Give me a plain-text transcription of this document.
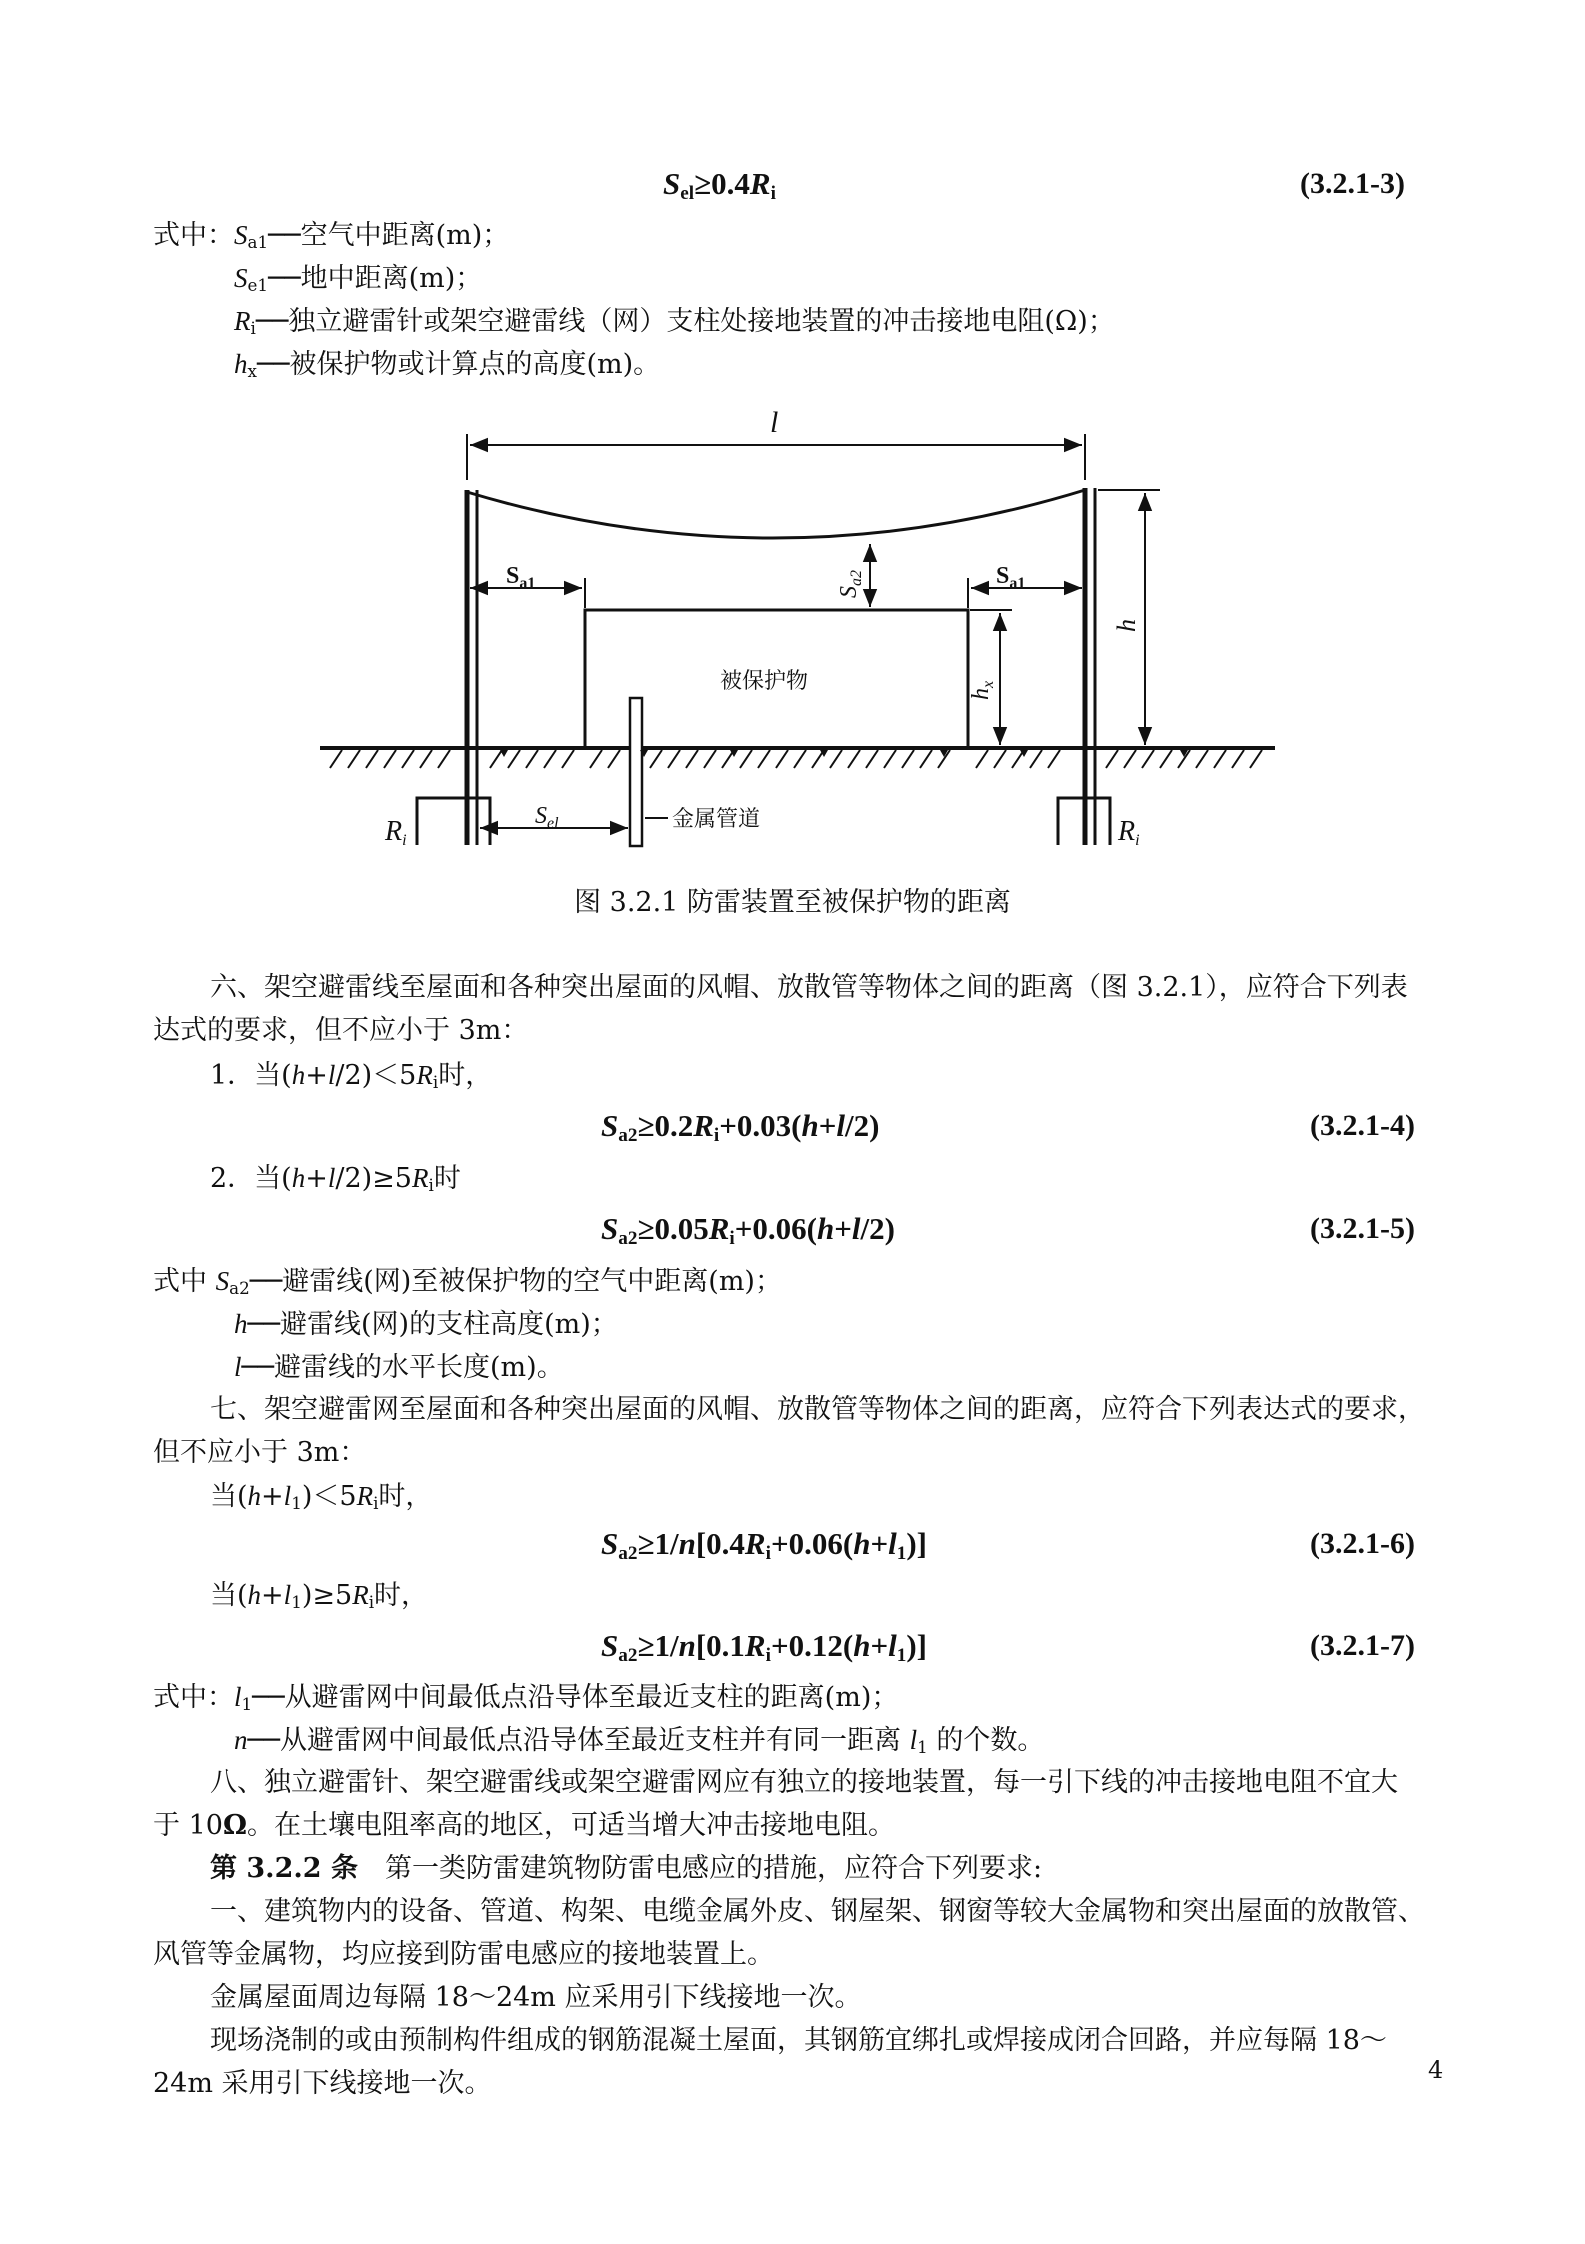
$S_{el}\ge 0.4R_i$	(3.2.1-3)
式中：$S_{a1}──$空气中距离(m)；
$S_{e1}──$地中距离(m)；
$R_i──$独立避雷针或架空避雷线（网）支柱处接地装置的冲击接地电阻(Ω)；
$h_x──$被保护物或计算点的高度(m)。
l
$S_{a1}$	$S_{a1}$
$S_{a2}$
$h_x$
h
被保护物
$S_{el}$	金属管道
Ri	Ri
图 3.2.1 防雷装置至被保护物的距离
六、架空避雷线至屋面和各种突出屋面的风帽、放散管等物体之间的距离（图 3.2.1），应符合下列表
达式的要求，但不应小于 3m：
1．当$(h+l/2)<5R_i$时，
$S_{a2}\ge 0.2R_i+0.03(h+l/2)$	(3.2.1-4)
2．当$(h+l/2)\ge 5R_i$时
$S_{a2}\ge 0.05R_i+0.06(h+l/2)$	(3.2.1-5)
式中 $S_{a2}──$避雷线(网)至被保护物的空气中距离(m)；
h──避雷线(网)的支柱高度(m)；
l──避雷线的水平长度(m)。
七、架空避雷网至屋面和各种突出屋面的风帽、放散管等物体之间的距离，应符合下列表达式的要求，
但不应小于 3m：
当$(h+l_1)<5R_i$时，
$S_{a2}\ge 1/n[0.4R_i+0.06(h+l_1)]$	(3.2.1-6)
当$(h+l_1)\ge 5R_i$时，
$S_{a2}\ge 1/n[0.1R_i+0.12(h+l_1)]$	(3.2.1-7)
式中：$l_1──$从避雷网中间最低点沿导体至最近支柱的距离(m)；
n──从避雷网中间最低点沿导体至最近支柱并有同一距离 $l_1$ 的个数。
八、独立避雷针、架空避雷线或架空避雷网应有独立的接地装置，每一引下线的冲击接地电阻不宜大
于 10Ω。在土壤电阻率高的地区，可适当增大冲击接地电阻。
第 3.2.2 条　第一类防雷建筑物防雷电感应的措施，应符合下列要求:
一、建筑物内的设备、管道、构架、电缆金属外皮、钢屋架、钢窗等较大金属物和突出屋面的放散管、
风管等金属物，均应接到防雷电感应的接地装置上。
金属屋面周边每隔 18～24m 应采用引下线接地一次。
现场浇制的或由预制构件组成的钢筋混凝土屋面，其钢筋宜绑扎或焊接成闭合回路，并应每隔 18～
24m 采用引下线接地一次。	4
